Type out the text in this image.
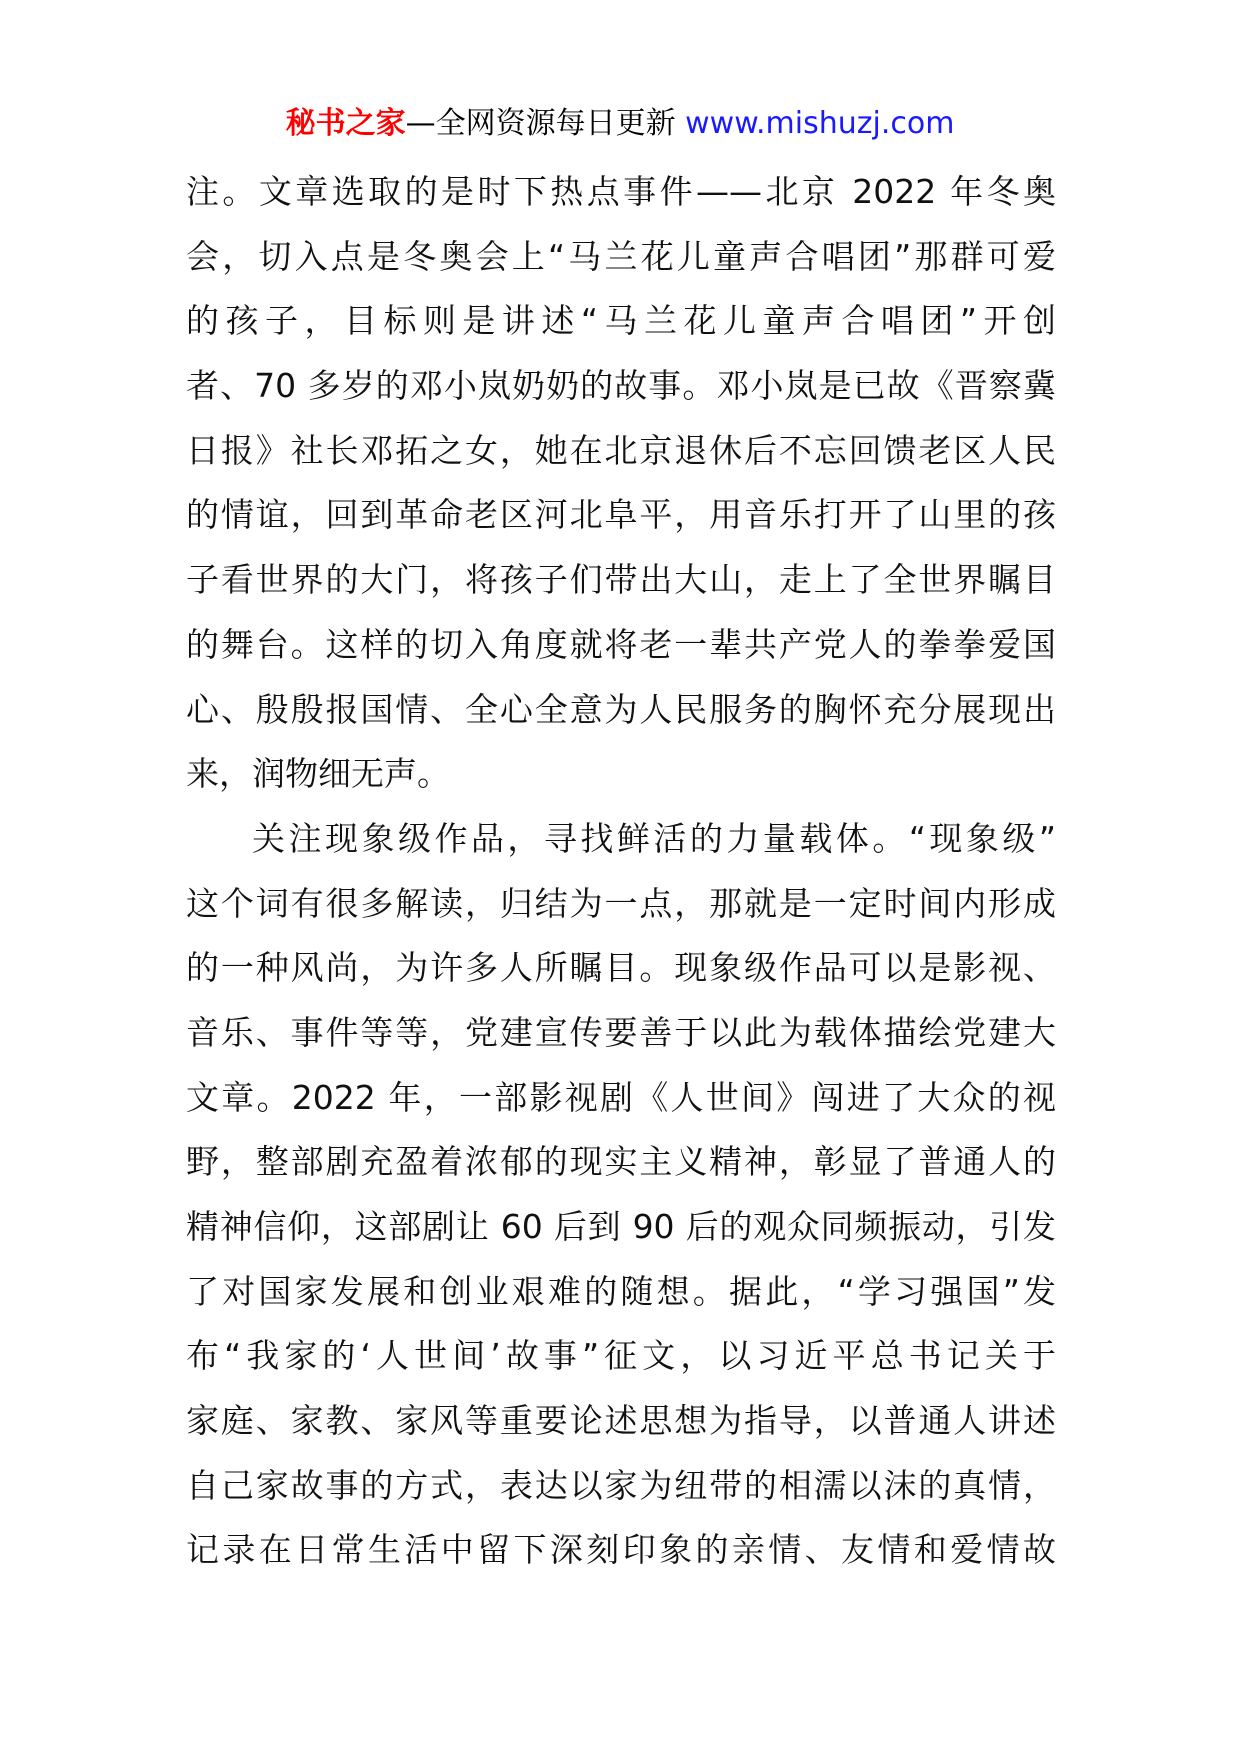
秘书之家—全网资源每日更新 www.mishuzj.com
注。文章选取的是时下热点事件——北京 2022 年冬奥
会，切入点是冬奥会上“马兰花儿童声合唱团”那群可爱
的孩子，目标则是讲述“马兰花儿童声合唱团”开创
者、70 多岁的邓小岚奶奶的故事。邓小岚是已故《晋察冀
日报》社长邓拓之女，她在北京退休后不忘回馈老区人民
的情谊，回到革命老区河北阜平，用音乐打开了山里的孩
子看世界的大门，将孩子们带出大山，走上了全世界瞩目
的舞台。这样的切入角度就将老一辈共产党人的拳拳爱国
心、殷殷报国情、全心全意为人民服务的胸怀充分展现出
来，润物细无声。
关注现象级作品，寻找鲜活的力量载体。“现象级”
这个词有很多解读，归结为一点，那就是一定时间内形成
的一种风尚，为许多人所瞩目。现象级作品可以是影视、
音乐、事件等等，党建宣传要善于以此为载体描绘党建大
文章。2022 年，一部影视剧《人世间》闯进了大众的视
野，整部剧充盈着浓郁的现实主义精神，彰显了普通人的
精神信仰，这部剧让 60 后到 90 后的观众同频振动，引发
了对国家发展和创业艰难的随想。据此，“学习强国”发
布“我家的‘人世间’故事”征文，以习近平总书记关于
家庭、家教、家风等重要论述思想为指导，以普通人讲述
自己家故事的方式，表达以家为纽带的相濡以沫的真情，
记录在日常生活中留下深刻印象的亲情、友情和爱情故
